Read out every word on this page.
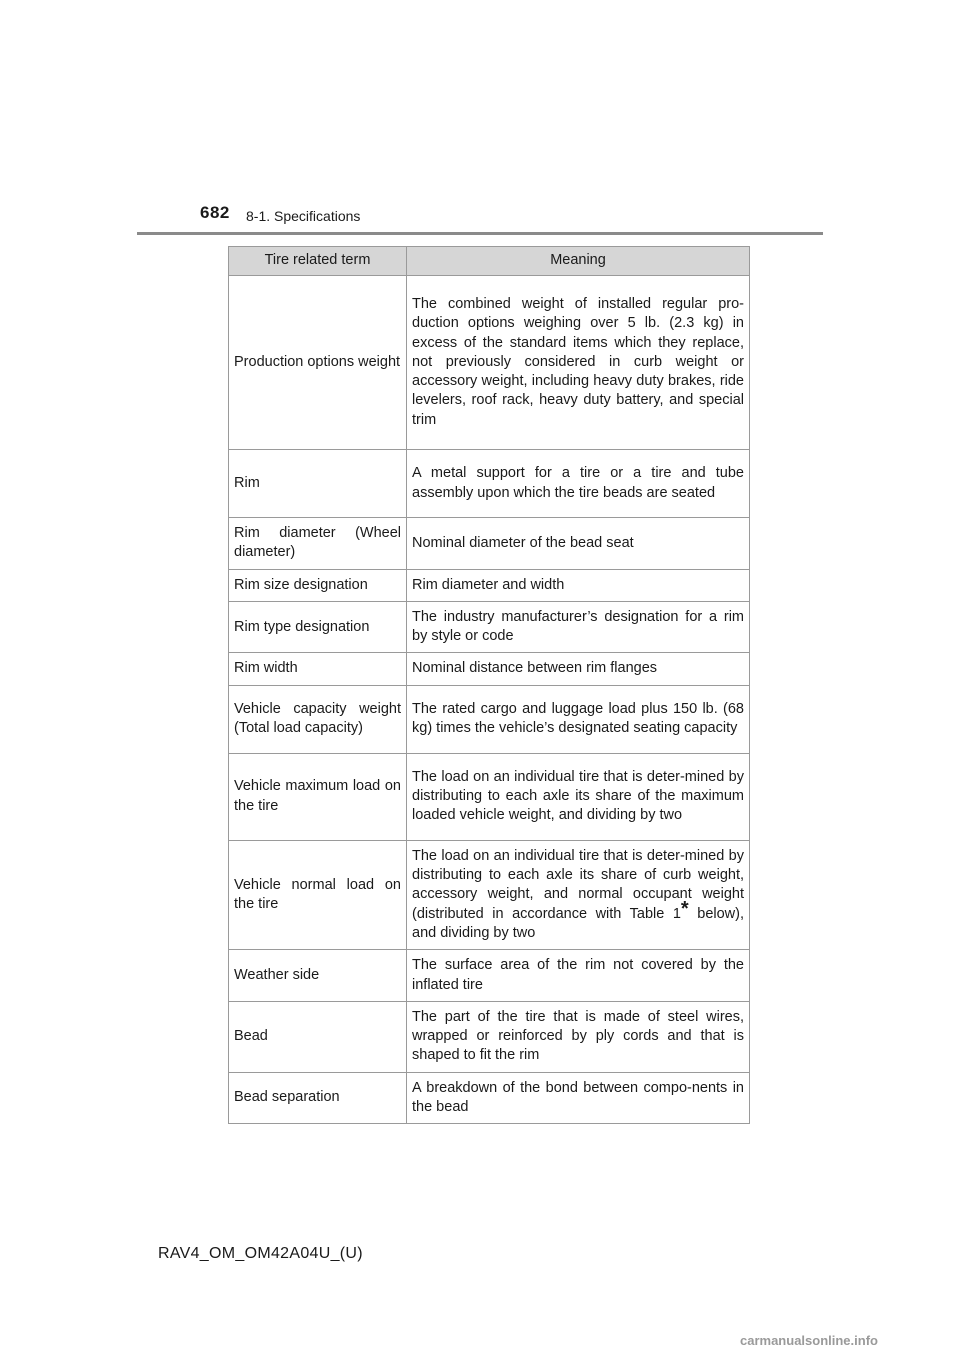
682 8-1. Specifications
Tire related term	Meaning
Production options weight	The combined weight of installed regular pro-duction options weighing over 5 lb. (2.3 kg) in excess of the standard items which they replace, not previously considered in curb weight or accessory weight, including heavy duty brakes, ride levelers, roof rack, heavy duty battery, and special trim
Rim	A metal support for a tire or a tire and tube assembly upon which the tire beads are seated
Rim diameter (Wheel diameter)	Nominal diameter of the bead seat
Rim size designation	Rim diameter and width
Rim type designation	The industry manufacturer’s designation for a rim by style or code
Rim width	Nominal distance between rim flanges
Vehicle capacity weight (Total load capacity)	The rated cargo and luggage load plus 150 lb. (68 kg) times the vehicle’s designated seating capacity
Vehicle maximum load on the tire	The load on an individual tire that is deter-mined by distributing to each axle its share of the maximum loaded vehicle weight, and dividing by two
Vehicle normal load on the tire	The load on an individual tire that is deter-mined by distributing to each axle its share of curb weight, accessory weight, and normal occupant weight (distributed in accordance with Table 1* below), and dividing by two
Weather side	The surface area of the rim not covered by the inflated tire
Bead	The part of the tire that is made of steel wires, wrapped or reinforced by ply cords and that is shaped to fit the rim
Bead separation	A breakdown of the bond between compo-nents in the bead
RAV4_OM_OM42A04U_(U)
carmanualsonline.info
